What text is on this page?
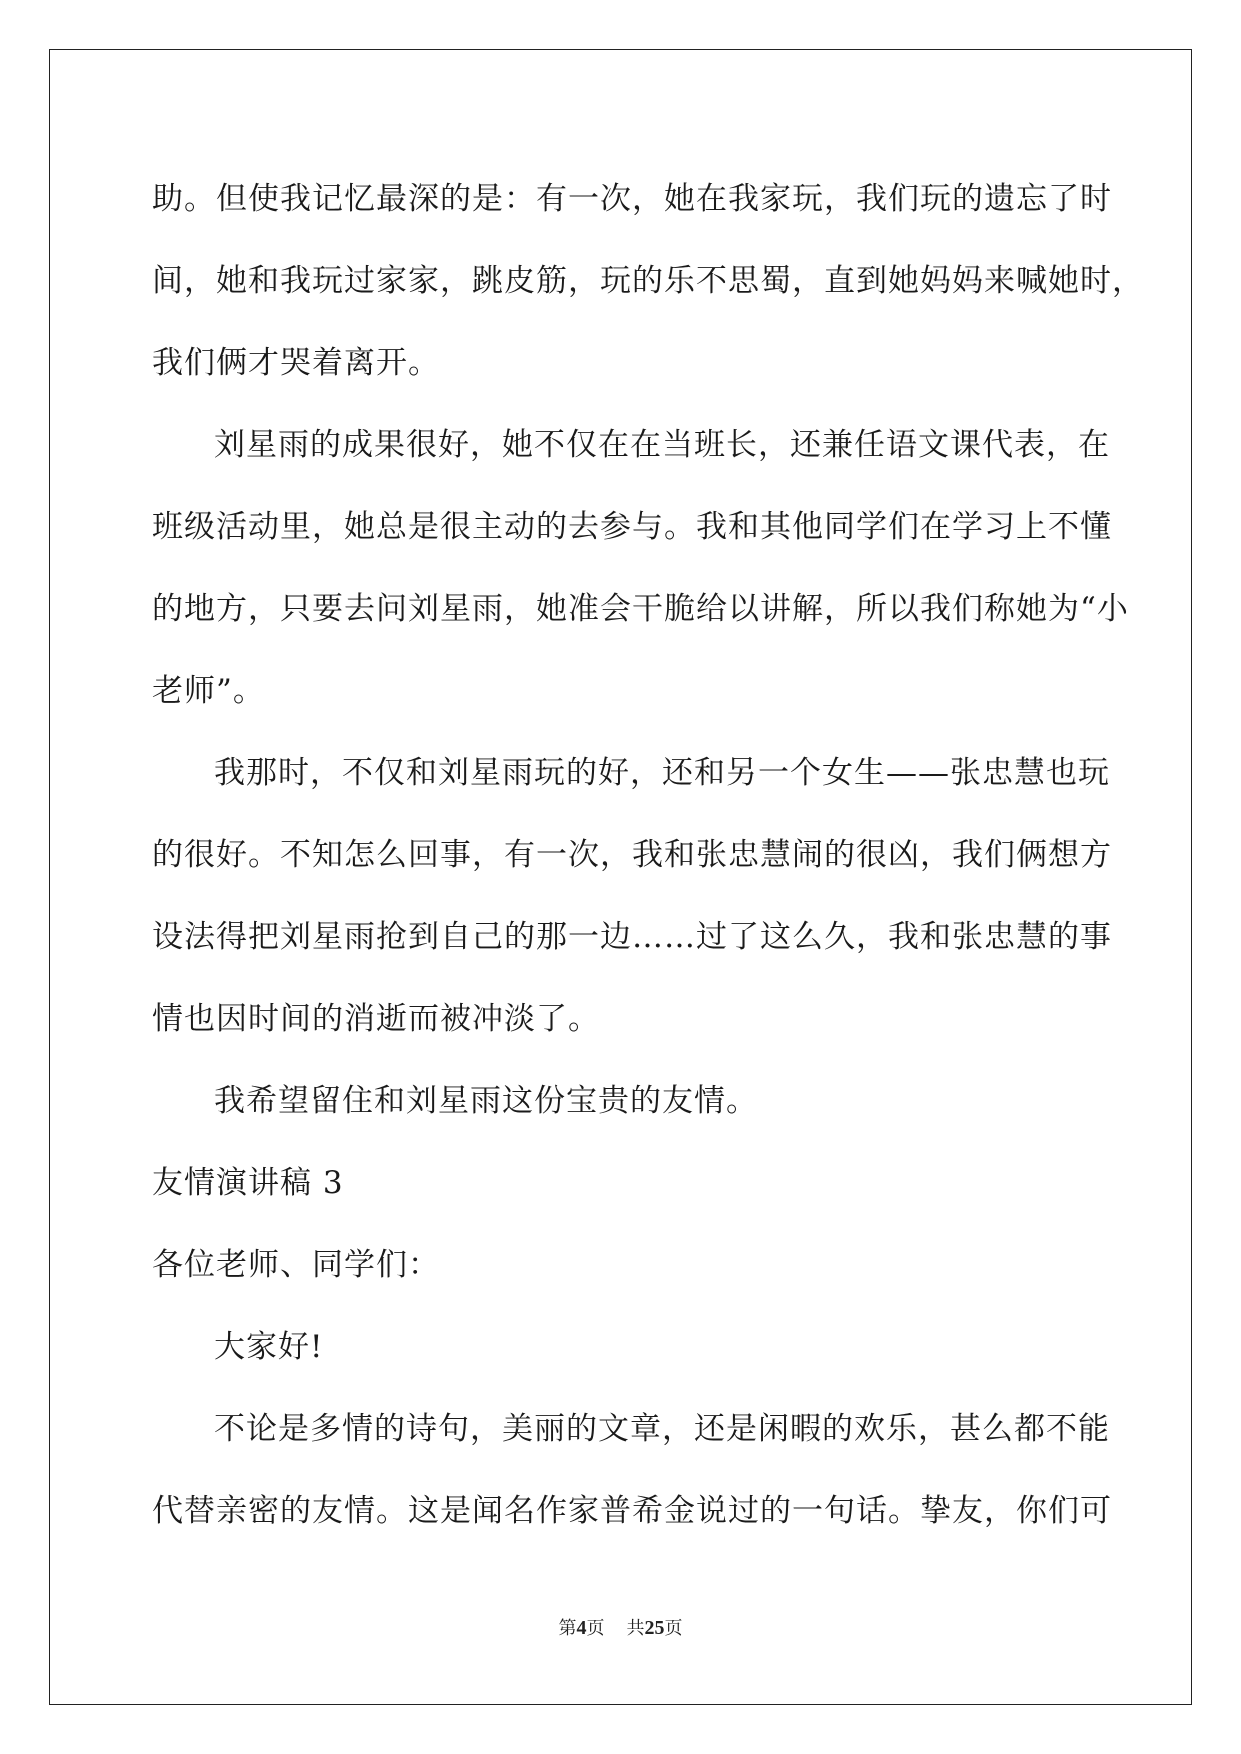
助。但使我记忆最深的是：有一次，她在我家玩，我们玩的遗忘了时
间，她和我玩过家家，跳皮筋，玩的乐不思蜀，直到她妈妈来喊她时，
我们俩才哭着离开。
刘星雨的成果很好，她不仅在在当班长，还兼任语文课代表，在
班级活动里，她总是很主动的去参与。我和其他同学们在学习上不懂
的地方，只要去问刘星雨，她准会干脆给以讲解，所以我们称她为“小
老师”。
我那时，不仅和刘星雨玩的好，还和另一个女生——张忠慧也玩
的很好。不知怎么回事，有一次，我和张忠慧闹的很凶，我们俩想方
设法得把刘星雨抢到自己的那一边……过了这么久，我和张忠慧的事
情也因时间的消逝而被冲淡了。
我希望留住和刘星雨这份宝贵的友情。
友情演讲稿 3
各位老师、同学们：
大家好!
不论是多情的诗句，美丽的文章，还是闲暇的欢乐，甚么都不能
代替亲密的友情。这是闻名作家普希金说过的一句话。挚友，你们可
第4页 共25页
